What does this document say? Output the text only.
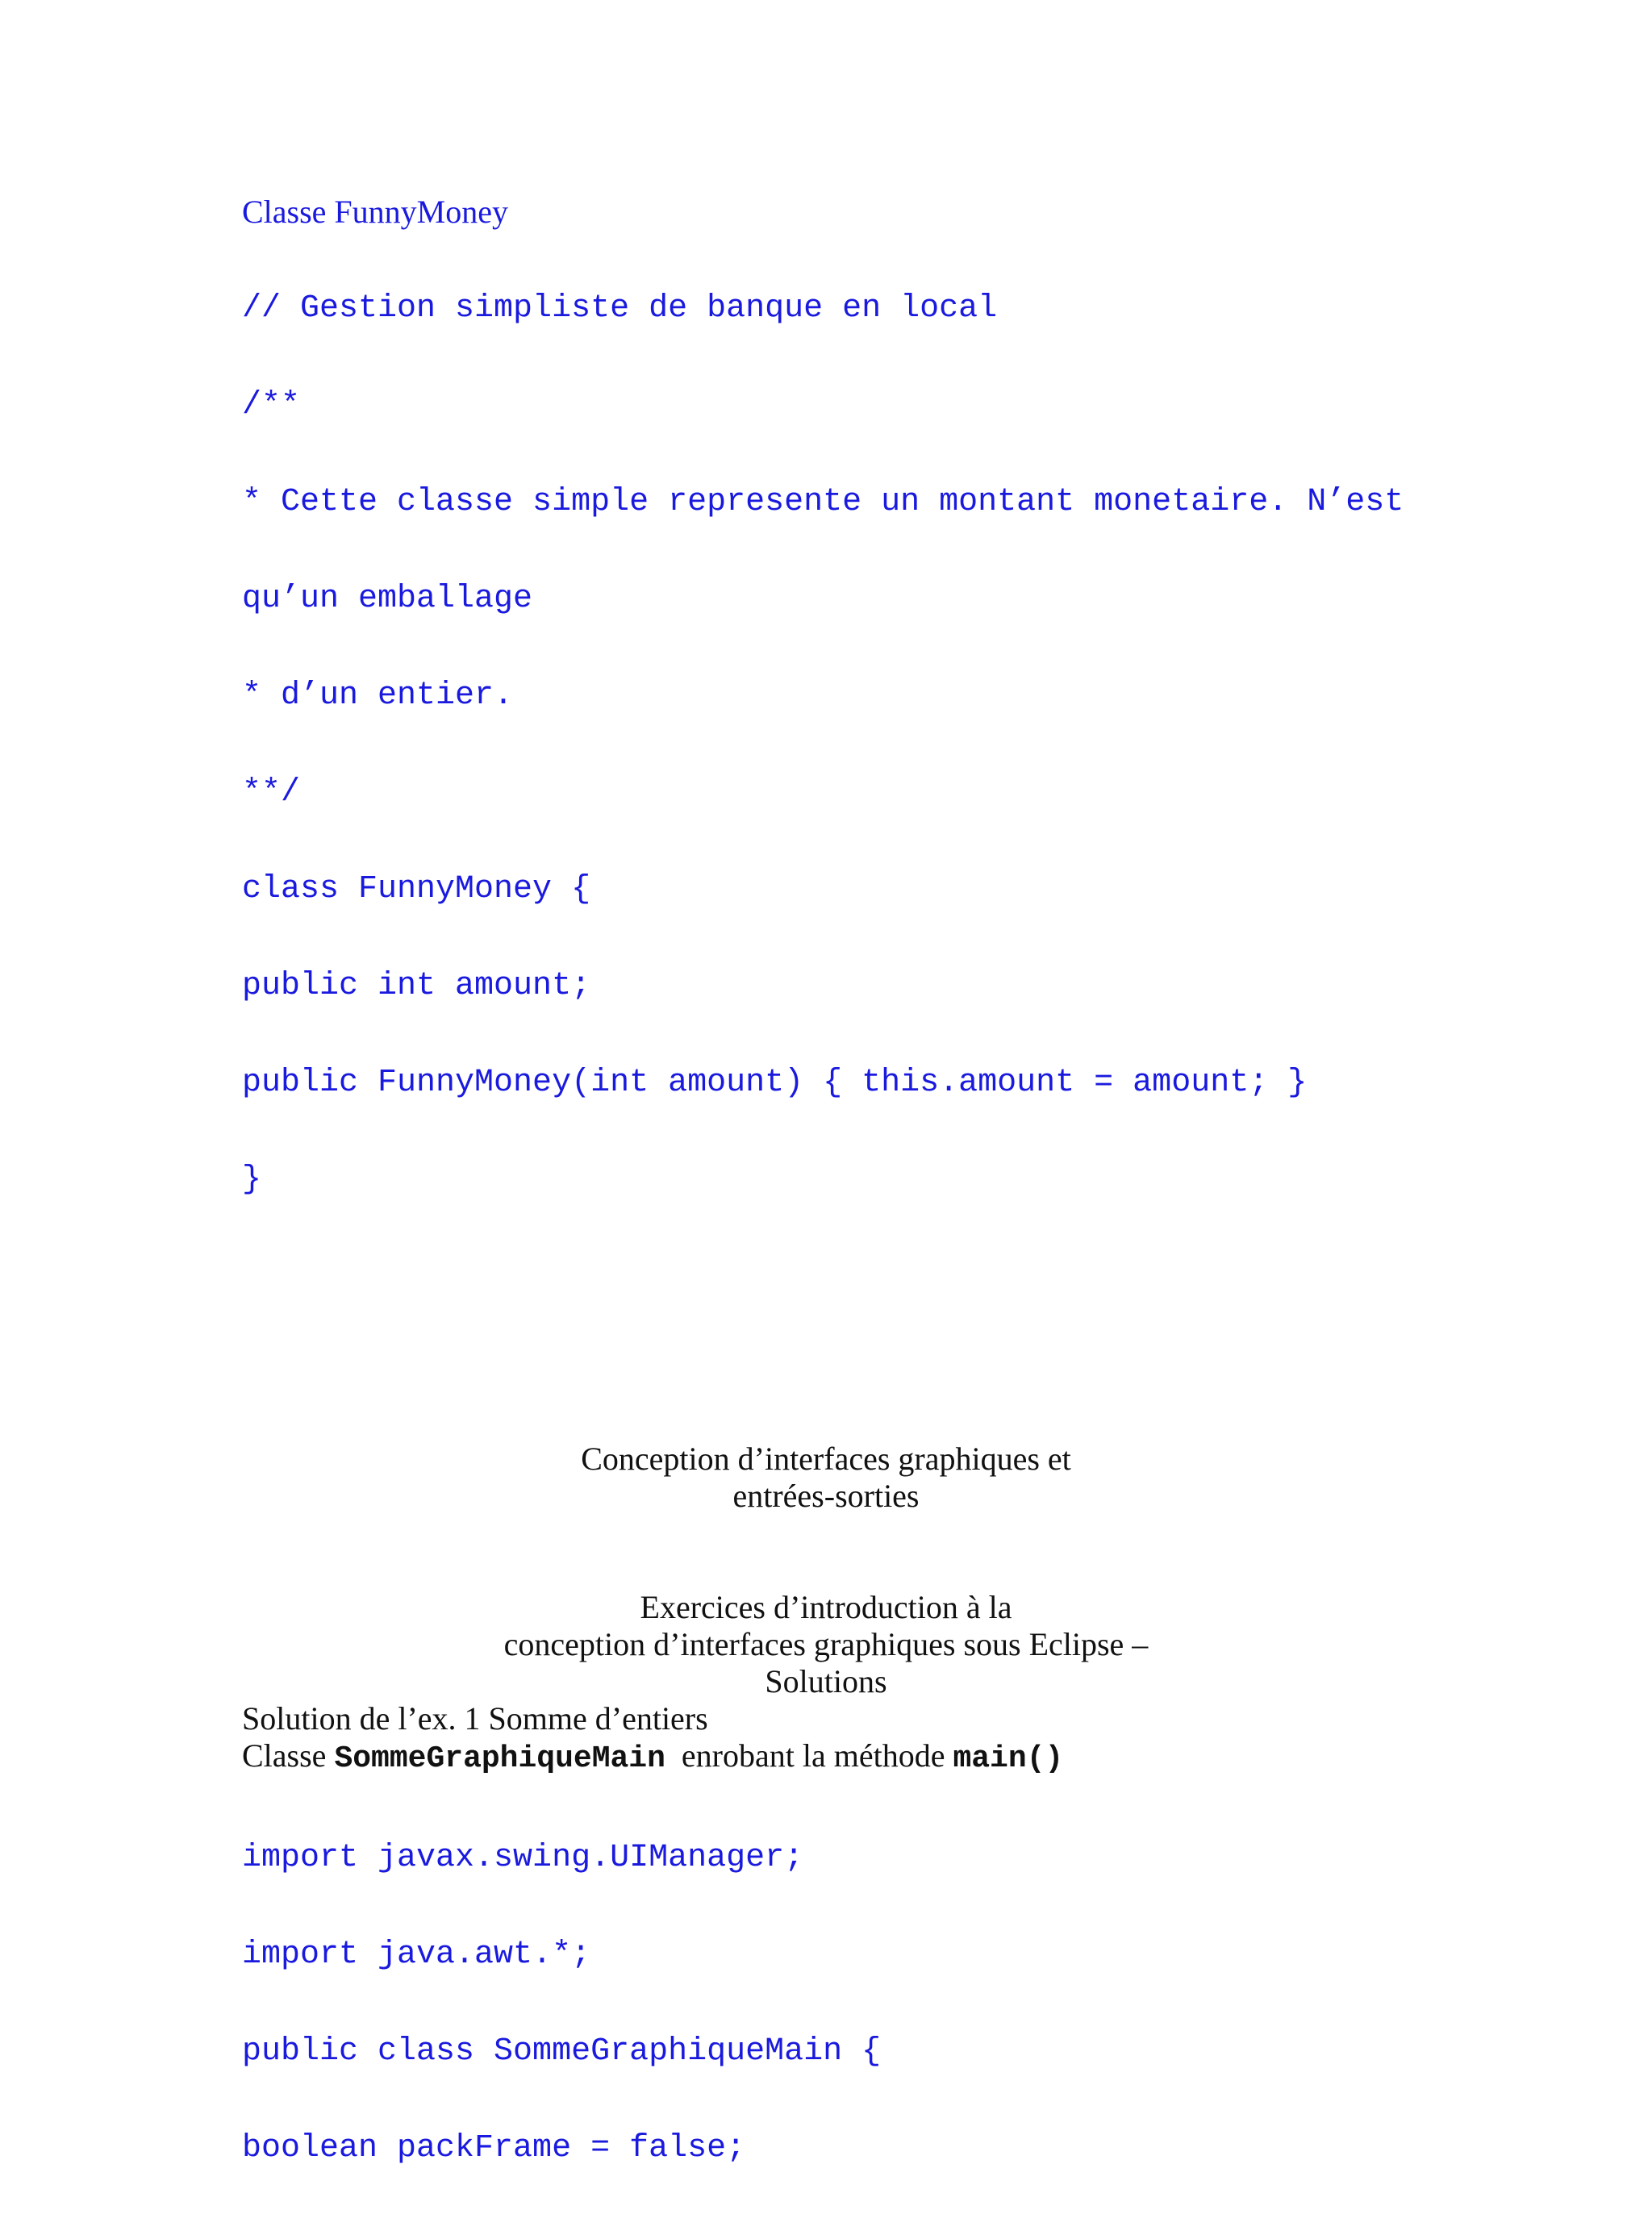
Classe FunnyMoney

// Gestion simpliste de banque en local

/**

* Cette classe simple represente un montant monetaire. N’est

qu’un emballage

* d’un entier.

**/

class FunnyMoney {

public int amount;

public FunnyMoney(int amount) { this.amount = amount; }

}

Conception d’interfaces graphiques et
entrées-sorties
Exercices d’introduction à la
conception d’interfaces graphiques sous Eclipse –
Solutions
Solution de l’ex. 1 Somme d’entiers
Classe SommeGraphiqueMain  enrobant la méthode main()

import javax.swing.UIManager;

import java.awt.*;

public class SommeGraphiqueMain {

boolean packFrame = false;
